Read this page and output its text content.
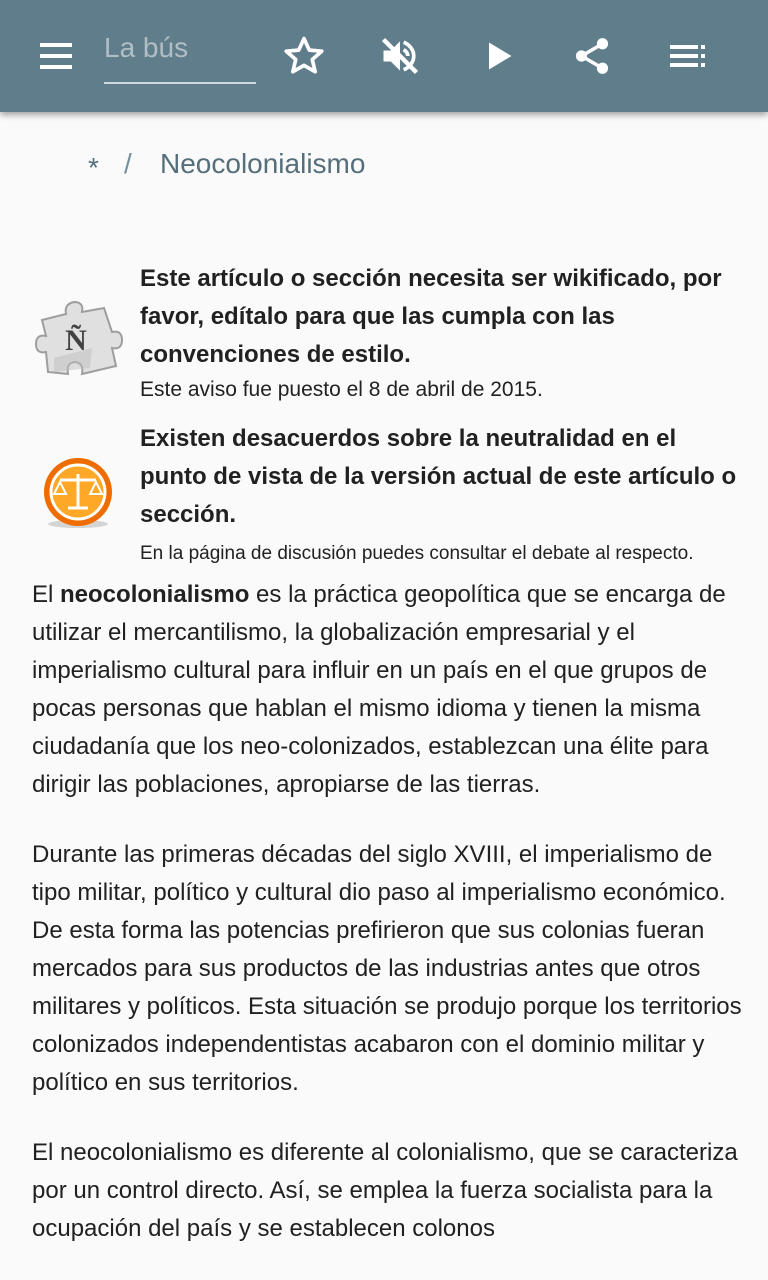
La bús
* / Neocolonialismo
Ñ
Este artículo o sección necesita ser wikificado, por favor, edítalo para que las cumpla con las convenciones de estilo.
Este aviso fue puesto el 8 de abril de 2015.
Existen desacuerdos sobre la neutralidad en el punto de vista de la versión actual de este artículo o sección.
En la página de discusión puedes consultar el debate al respecto.

El neocolonialismo es la práctica geopolítica que se encarga de utilizar el mercantilismo, la globalización empresarial y el imperialismo cultural para influir en un país en el que grupos de pocas personas que hablan el mismo idioma y tienen la misma ciudadanía que los neo-colonizados, establezcan una élite para dirigir las poblaciones, apropiarse de las tierras.

Durante las primeras décadas del siglo XVIII, el imperialismo de tipo militar, político y cultural dio paso al imperialismo económico. De esta forma las potencias prefirieron que sus colonias fueran mercados para sus productos de las industrias antes que otros militares y políticos. Esta situación se produjo porque los territorios colonizados independentistas acabaron con el dominio militar y político en sus territorios.

El neocolonialismo es diferente al colonialismo, que se caracteriza por un control directo. Así, se emplea la fuerza socialista para la ocupación del país y se establecen colonos
